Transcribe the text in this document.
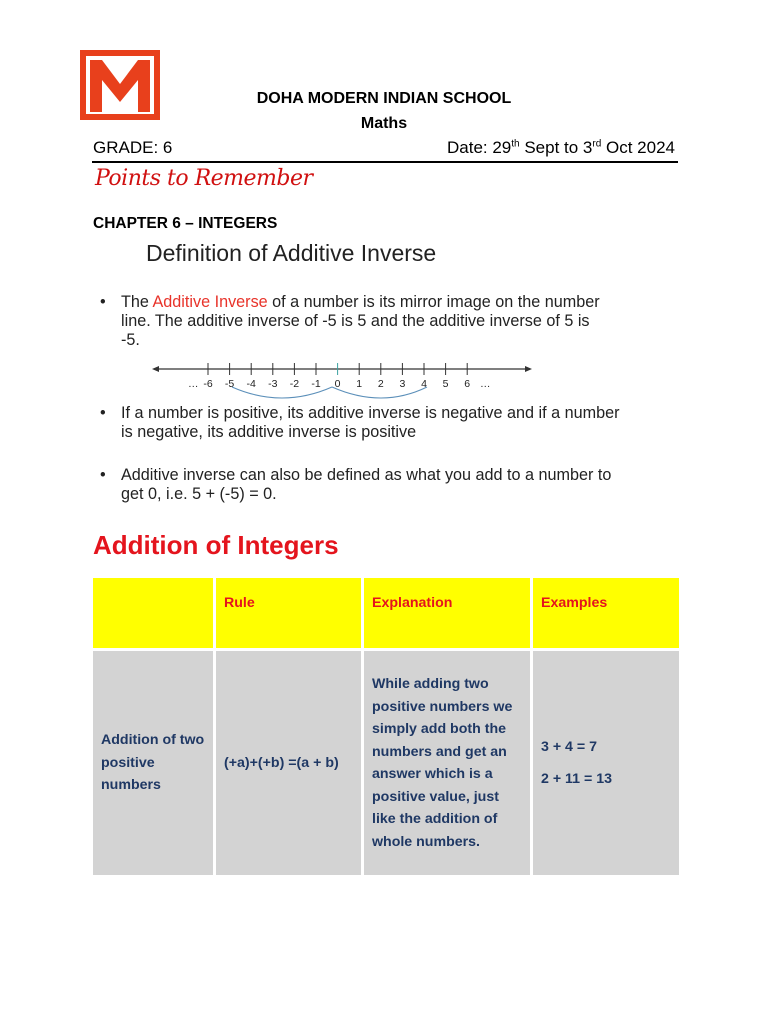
DOHA MODERN INDIAN SCHOOL
Maths
GRADE: 6	Date: 29th Sept to 3rd Oct 2024
Points to Remember
CHAPTER 6 – INTEGERS
Definition of Additive Inverse
• The Additive Inverse of a number is its mirror image on the number line. The additive inverse of -5 is 5 and the additive inverse of 5 is -5.
-6 -5 -4 -3 -2 -1 0 1 2 3 4 5 6
…	…
• If a number is positive, its additive inverse is negative and if a number is negative, its additive inverse is positive
• Additive inverse can also be defined as what you add to a number to get 0, i.e. 5 + (-5) = 0.
Addition of Integers
	Rule	Explanation	Examples
Addition of two positive numbers	(+a)+(+b) =(a + b)	While adding two positive numbers we simply add both the numbers and get an answer which is a positive value, just like the addition of whole numbers.	3 + 4 = 7
2 + 11 = 13
